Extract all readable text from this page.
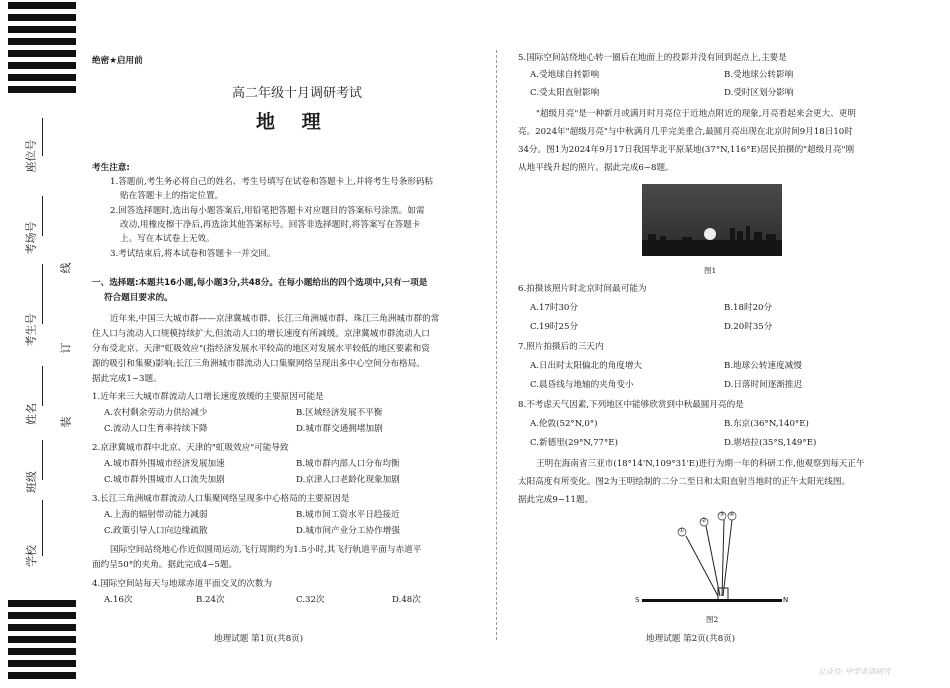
座位号
考场号
考生号
姓名
班级
学校
线
订
装
绝密★启用前
高二年级十月调研考试
地 理
考生注意:
1.答题前,考生务必将自己的姓名、考生号填写在试卷和答题卡上,并将考生号条形码粘
贴在答题卡上的指定位置。
2.回答选择题时,选出每小题答案后,用铅笔把答题卡对应题目的答案标号涂黑。如需
改动,用橡皮擦干净后,再选涂其他答案标号。回答非选择题时,将答案写在答题卡
上。写在本试卷上无效。
3.考试结束后,将本试卷和答题卡一并交回。
一、选择题:本题共16小题,每小题3分,共48分。在每小题给出的四个选项中,只有一项是
符合题目要求的。
近年来,中国三大城市群——京津冀城市群、长江三角洲城市群、珠江三角洲城市群的常
住人口与流动人口规模持续扩大,但流动人口的增长速度有所减缓。京津冀城市群流动人口
分布受北京、天津"虹吸效应"(指经济发展水平较高的地区对发展水平较低的地区要素和资
源的吸引和集聚)影响;长江三角洲城市群流动人口集聚网络呈现出多中心空间分布格局。
据此完成1~3题。
1.近年来三大城市群流动人口增长速度放缓的主要原因可能是
A.农村剩余劳动力供给减少	B.区域经济发展不平衡
C.流动人口生育率持续下降	D.城市群交通拥堵加剧
2.京津冀城市群中北京、天津的"虹吸效应"可能导致
A.城市群外围城市经济发展加速	B.城市群内部人口分布均衡
C.城市群外围城市人口流失加剧	D.京津人口老龄化现象加剧
3.长江三角洲城市群流动人口集聚网络呈现多中心格局的主要原因是
A.上海的辐射带动能力减弱	B.城市间工资水平日趋接近
C.政策引导人口向边缘疏散	D.城市间产业分工协作增强
国际空间站绕地心作近似圆周运动,飞行周期约为1.5小时,其飞行轨道平面与赤道平
面约呈50°的夹角。据此完成4~5题。
4.国际空间站每天与地球赤道平面交叉的次数为
A.16次	B.24次	C.32次	D.48次
地理试题 第1页(共8页)
5.国际空间站绕地心转一圈后在地面上的投影并没有回到起点上,主要是
A.受地球自转影响	B.受地球公转影响
C.受太阳直射影响	D.受时区划分影响
"超级月亮"是一种新月或满月时月亮位于近地点附近的现象,月亮看起来会更大、更明
亮。2024年"超级月亮"与中秋满月几乎完美重合,最圆月亮出现在北京时间9月18日10时
34分。图1为2024年9月17日我国华北平原某地(37°N,116°E)居民拍摄的"超级月亮"刚
从地平线升起的照片。据此完成6~8题。
图1
6.拍摄该照片时北京时间最可能为
A.17时30分	B.18时20分
C.19时25分	D.20时35分
7.照片拍摄后的三天内
A.日出时太阳偏北的角度增大	B.地球公转速度减慢
C.晨昏线与地轴的夹角变小	D.日落时间逐渐推迟
8.不考虑天气因素,下列地区中能够欣赏到中秋最圆月亮的是
A.伦敦(52°N,0°)	B.东京(36°N,140°E)
C.新德里(29°N,77°E)	D.堪培拉(35°S,149°E)
王明在海南省三亚市(18°14'N,109°31'E)进行为期一年的科研工作,他观察到每天正午
太阳高度有所变化。图2为王明绘制的二分二至日和太阳直射当地时的正午太阳光线图。
据此完成9~11题。
①
②
③ ④
S	N
图2
地理试题 第2页(共8页)
公众号: 中学英语研究
